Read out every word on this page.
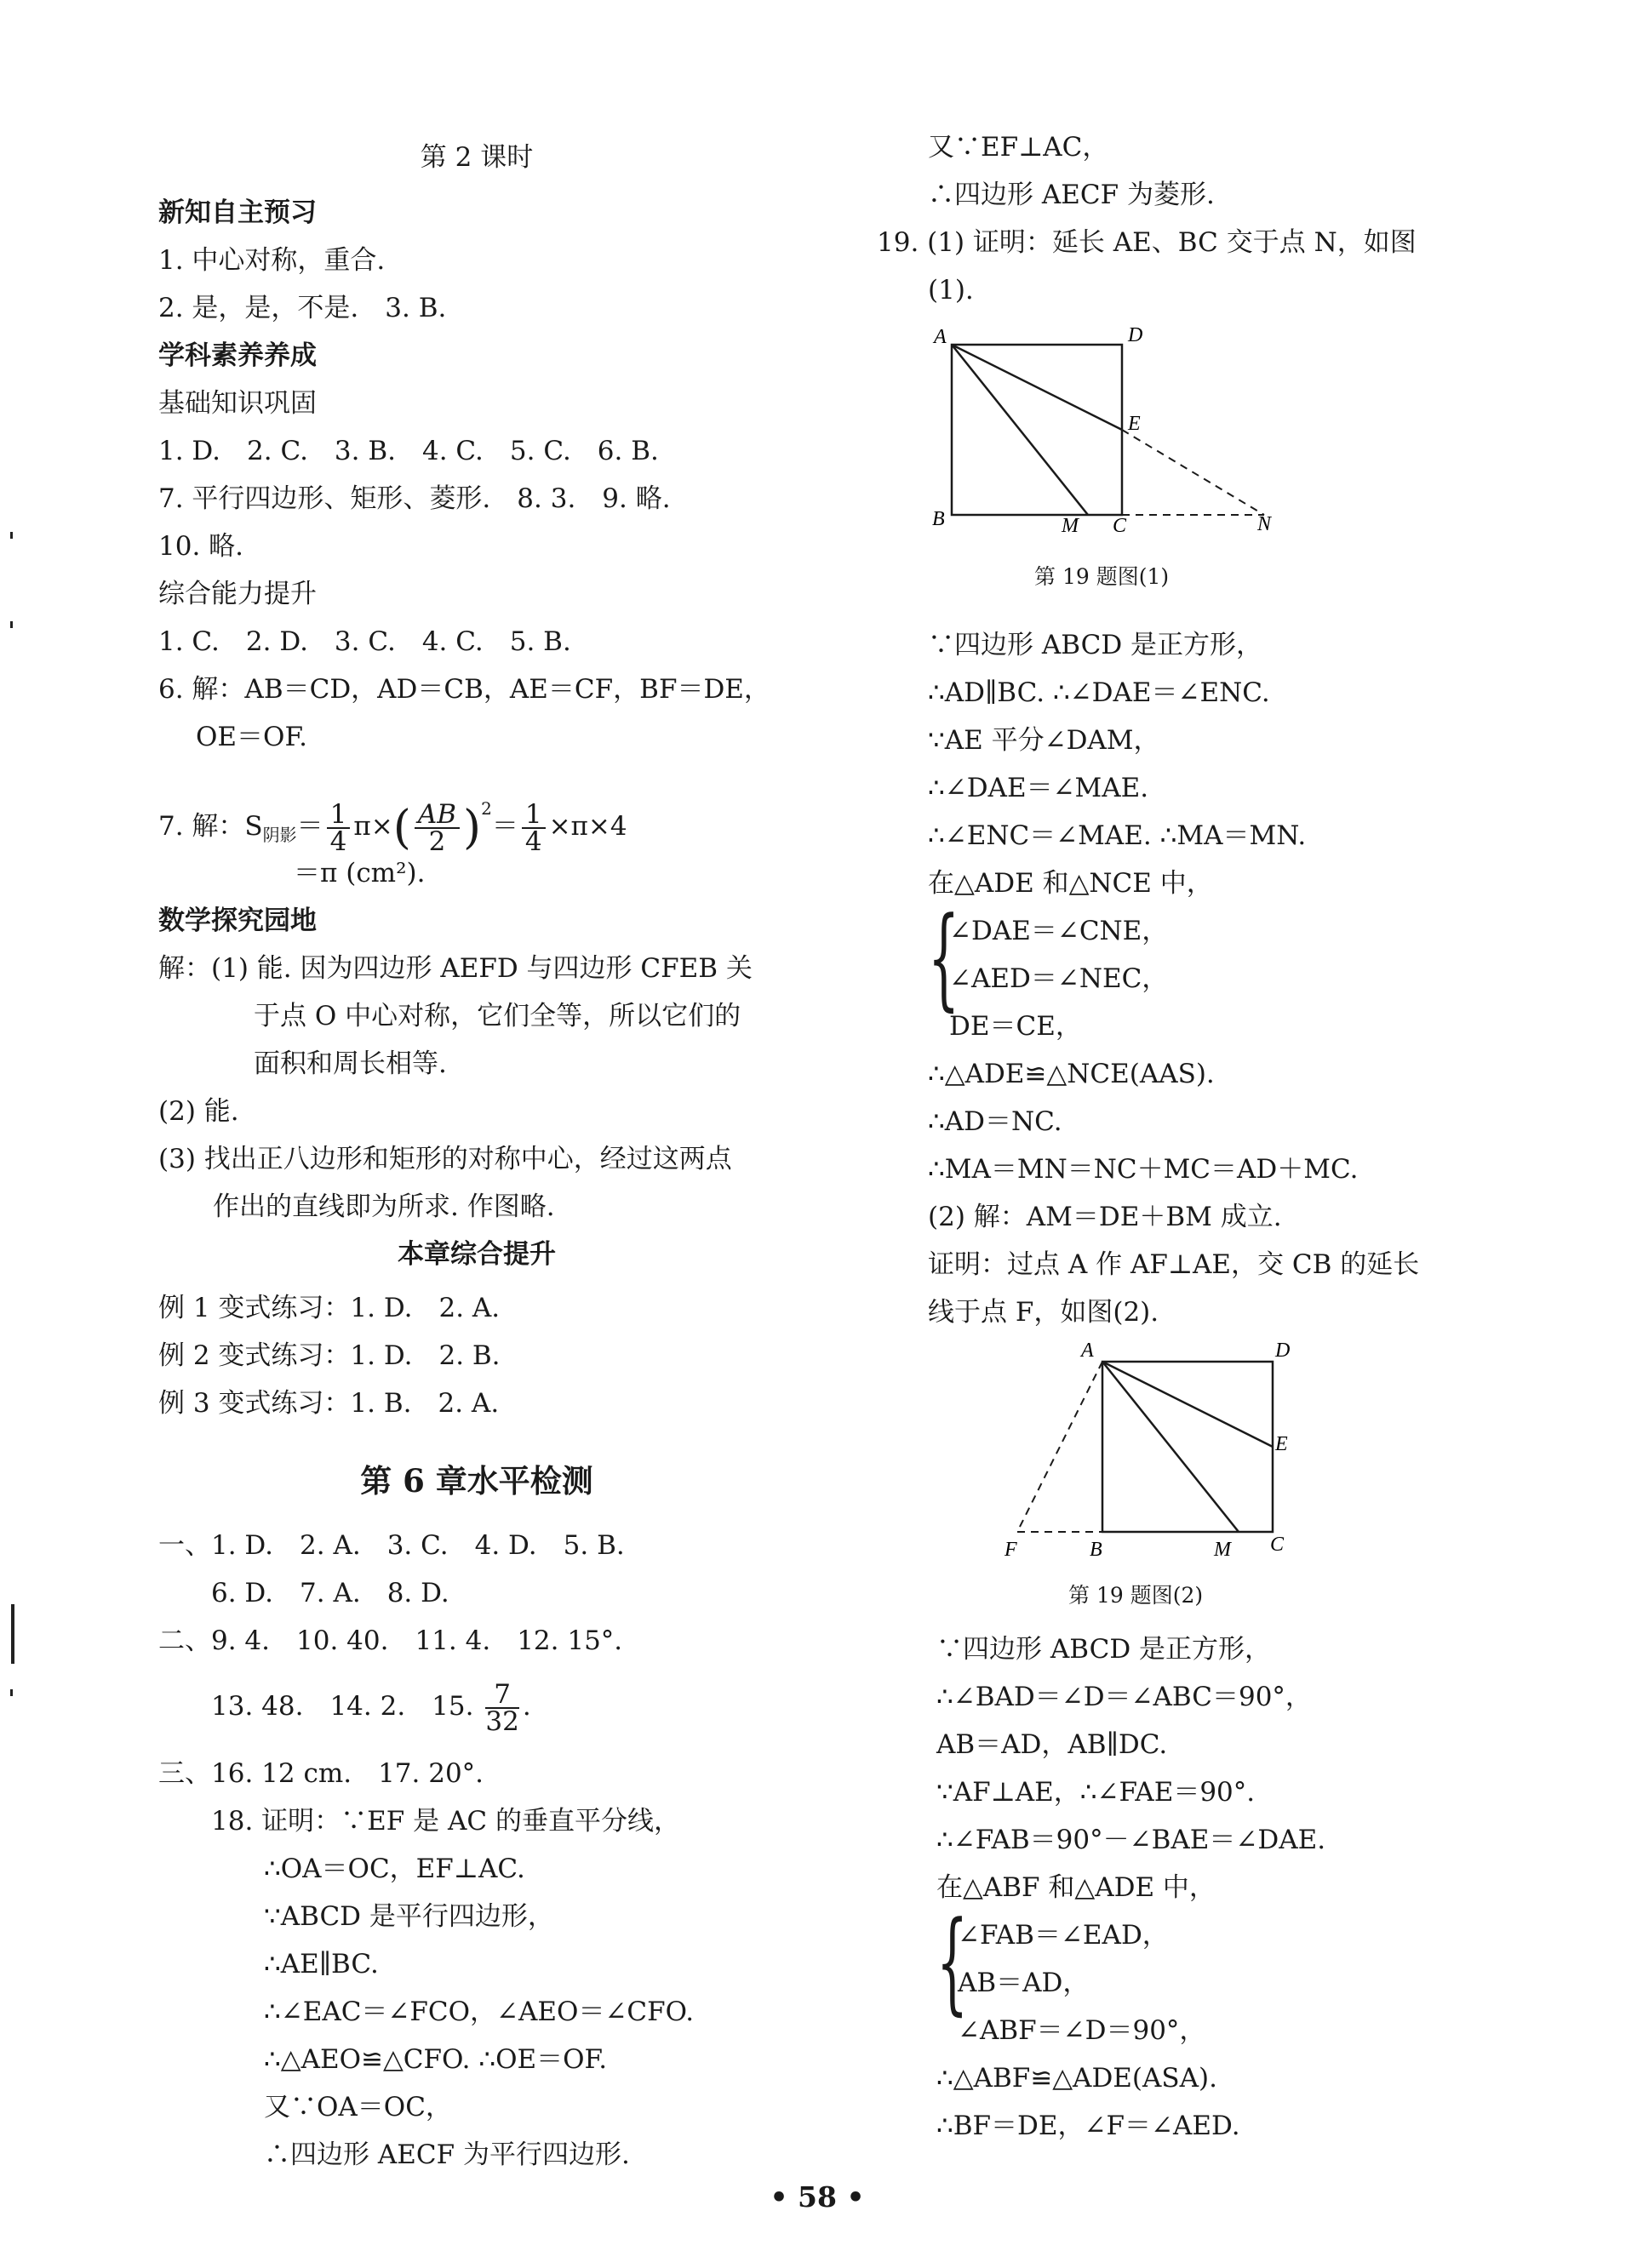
第 2 课时
新知自主预习
1. 中心对称，重合.
2. 是，是，不是.　3. B.
学科素养养成
基础知识巩固
1. D.　2. C.　3. B.　4. C.　5. C.　6. B.
7. 平行四边形、矩形、菱形.　8. 3.　9. 略.
10. 略.
综合能力提升
1. C.　2. D.　3. C.　4. C.　5. B.
6. 解：AB＝CD，AD＝CB，AE＝CF，BF＝DE，
OE＝OF.
7. 解：$S_{阴影}= \frac{1}{4} \pi\times( \frac{AB}{2} )^2= \frac{1}{4} \times\pi\times 4$
＝π (cm²).
数学探究园地
解：(1) 能. 因为四边形 AEFD 与四边形 CFEB 关
于点 O 中心对称，它们全等，所以它们的
面积和周长相等.
(2) 能.
(3) 找出正八边形和矩形的对称中心，经过这两点
作出的直线即为所求. 作图略.
本章综合提升
例 1 变式练习：1. D.　2. A.
例 2 变式练习：1. D.　2. B.
例 3 变式练习：1. B.　2. A.
第 6 章水平检测
一、1. D.　2. A.　3. C.　4. D.　5. B.
6. D.　7. A.　8. D.
二、9. 4.　10. 40.　11. 4.　12. 15°.
13. 48.　14. 2.　15. $\frac{7}{32}$ .
三、16. 12 cm.　17. 20°.
18. 证明：∵EF 是 AC 的垂直平分线，
∴OA＝OC，EF⊥AC.
∵ABCD 是平行四边形，
∴AE∥BC.
∴∠EAC＝∠FCO，∠AEO＝∠CFO.
∴△AEO≌△CFO. ∴OE＝OF.
又∵OA＝OC，
∴四边形 AECF 为平行四边形.
又∵EF⊥AC，
∴四边形 AECF 为菱形.
19. (1) 证明：延长 AE、BC 交于点 N，如图
(1).
A	D
E
B	M C	N
第 19 题图(1)
∵四边形 ABCD 是正方形，
∴AD∥BC. ∴∠DAE＝∠ENC.
∵AE 平分∠DAM，
∴∠DAE＝∠MAE.
∴∠ENC＝∠MAE. ∴MA＝MN.
在△ADE 和△NCE 中，
{
∠DAE＝∠CNE，
∠AED＝∠NEC，
DE＝CE，
∴△ADE≌△NCE(AAS).
∴AD＝NC.
∴MA＝MN＝NC＋MC＝AD＋MC.
(2) 解：AM＝DE＋BM 成立.
证明：过点 A 作 AF⊥AE，交 CB 的延长
线于点 F，如图(2).
A	D
E
F	B	M C
第 19 题图(2)
∵四边形 ABCD 是正方形，
∴∠BAD＝∠D＝∠ABC＝90°，
AB＝AD，AB∥DC.
∵AF⊥AE，∴∠FAE＝90°.
∴∠FAB＝90°－∠BAE＝∠DAE.
在△ABF 和△ADE 中，
{
∠FAB＝∠EAD，
AB＝AD，
∠ABF＝∠D＝90°，
∴△ABF≌△ADE(ASA).
∴BF＝DE，∠F＝∠AED.
• 58 •
